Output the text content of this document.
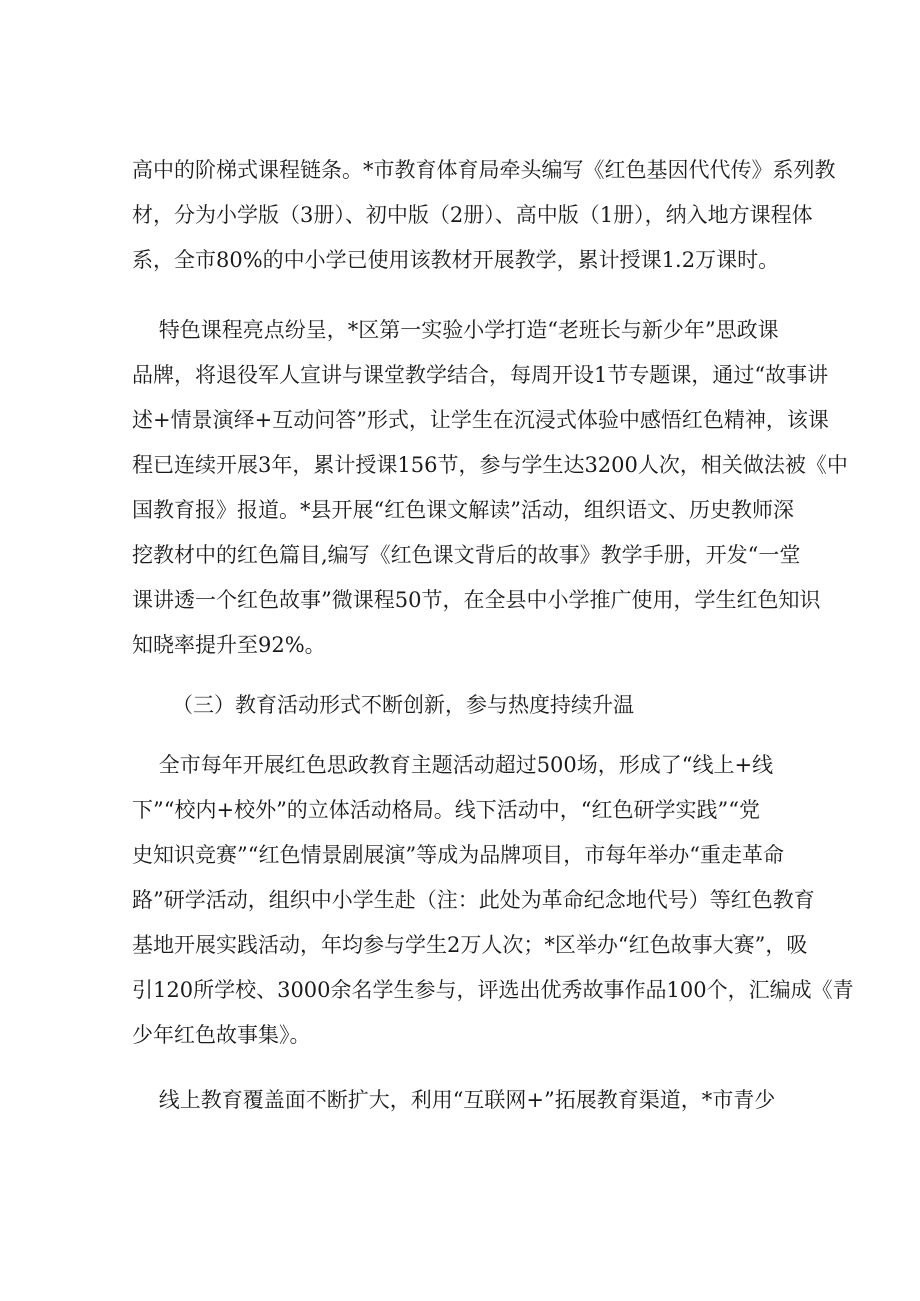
高中的阶梯式课程链条。*市教育体育局牵头编写《红色基因代代传》系列教
材，分为小学版（3册）、初中版（2册）、高中版（1册），纳入地方课程体
系，全市80%的中小学已使用该教材开展教学，累计授课1.2万课时。
特色课程亮点纷呈，*区第一实验小学打造“老班长与新少年”思政课
品牌，将退役军人宣讲与课堂教学结合，每周开设1节专题课，通过“故事讲
述+情景演绎+互动问答”形式，让学生在沉浸式体验中感悟红色精神，该课
程已连续开展3年，累计授课156节，参与学生达3200人次，相关做法被《中
国教育报》报道。*县开展“红色课文解读”活动，组织语文、历史教师深
挖教材中的红色篇目,编写《红色课文背后的故事》教学手册，开发“一堂
课讲透一个红色故事”微课程50节，在全县中小学推广使用，学生红色知识
知晓率提升至92%。
（三）教育活动形式不断创新，参与热度持续升温
全市每年开展红色思政教育主题活动超过500场，形成了“线上+线
下”“校内+校外”的立体活动格局。线下活动中，“红色研学实践”“党
史知识竞赛”“红色情景剧展演”等成为品牌项目，市每年举办“重走革命
路”研学活动，组织中小学生赴（注：此处为革命纪念地代号）等红色教育
基地开展实践活动，年均参与学生2万人次；*区举办“红色故事大赛”，吸
引120所学校、3000余名学生参与，评选出优秀故事作品100个，汇编成《青
少年红色故事集》。
线上教育覆盖面不断扩大，利用“互联网+”拓展教育渠道，*市青少
